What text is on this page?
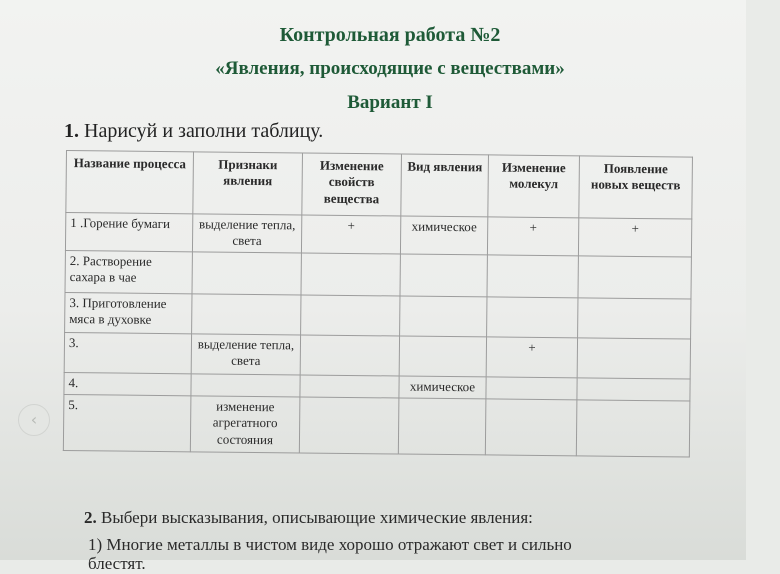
Контрольная работа №2
«Явления, происходящие с веществами»
Вариант I
1. Нарисуй и заполни таблицу.
Название процесса	Признаки явления	Изменение свойств вещества	Вид явления	Изменение молекул	Появление новых веществ
1 .Горение бумаги	выделение тепла, света	+	химическое	+	+
2. Растворение сахара в чае					
3. Приготовление мяса в духовке					
3.	выделение тепла, света			+	
4.			химическое		
5.	изменение агрегатного состояния				
2. Выбери высказывания, описывающие химические явления:
1) Многие металлы в чистом виде хорошо отражают свет и сильно
блестят.
‹
